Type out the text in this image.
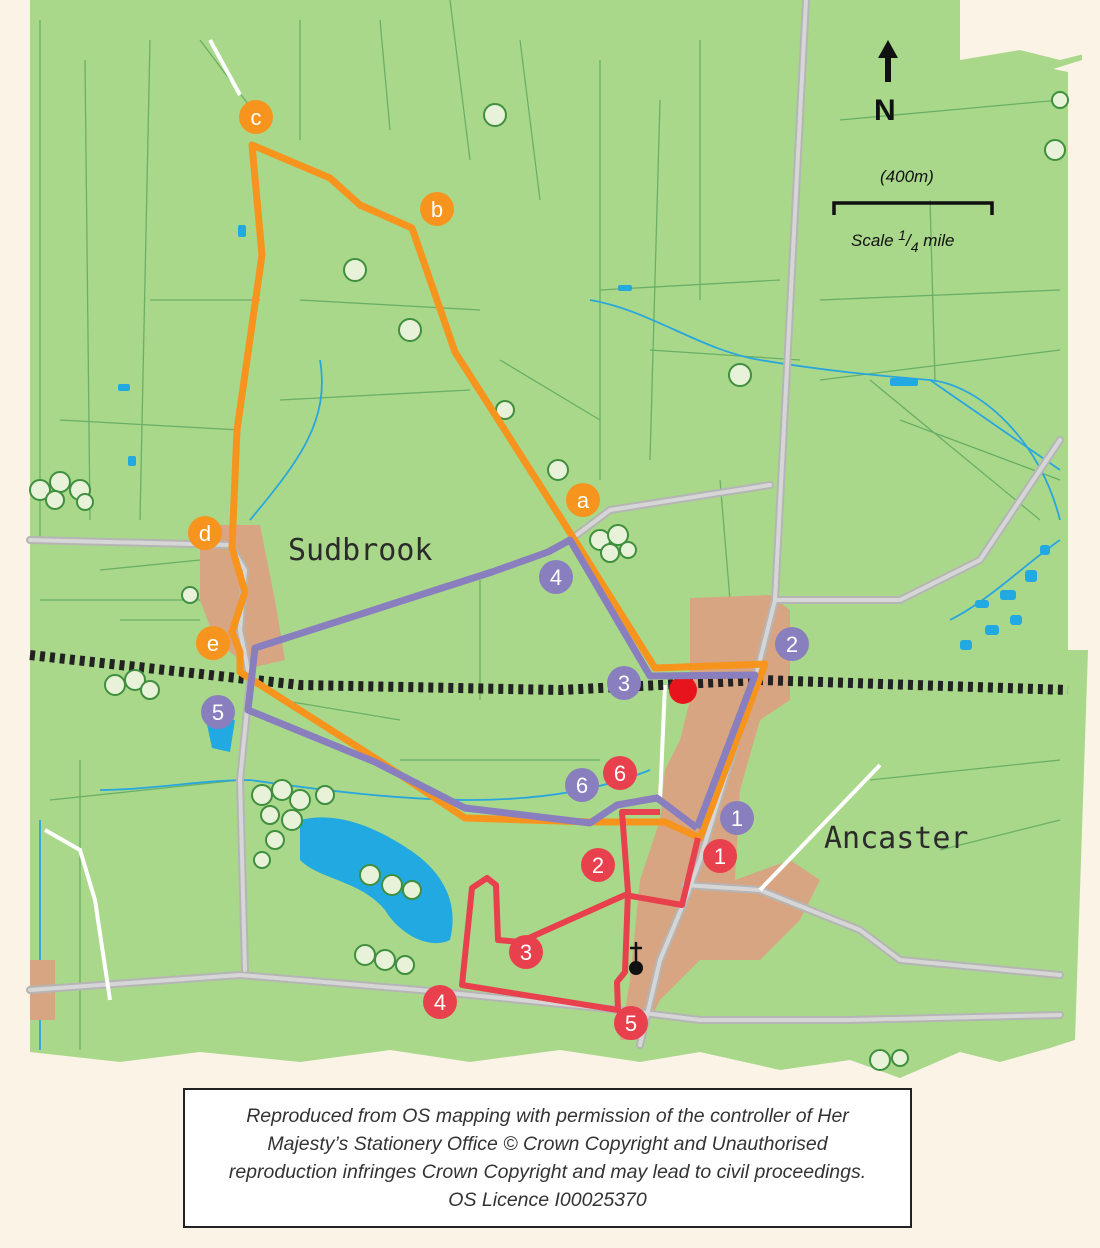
Sudbrook
Ancaster
N
(400m)
Scale $^1/_4$ mile
a
b
c
d
e
1
2
3
4
5
6
1
2
3
4
5
6

Reproduced from OS mapping with permission of the controller of Her Majesty’s Stationery Office © Crown Copyright and Unauthorised reproduction infringes Crown Copyright and may lead to civil proceedings. OS Licence I00025370
